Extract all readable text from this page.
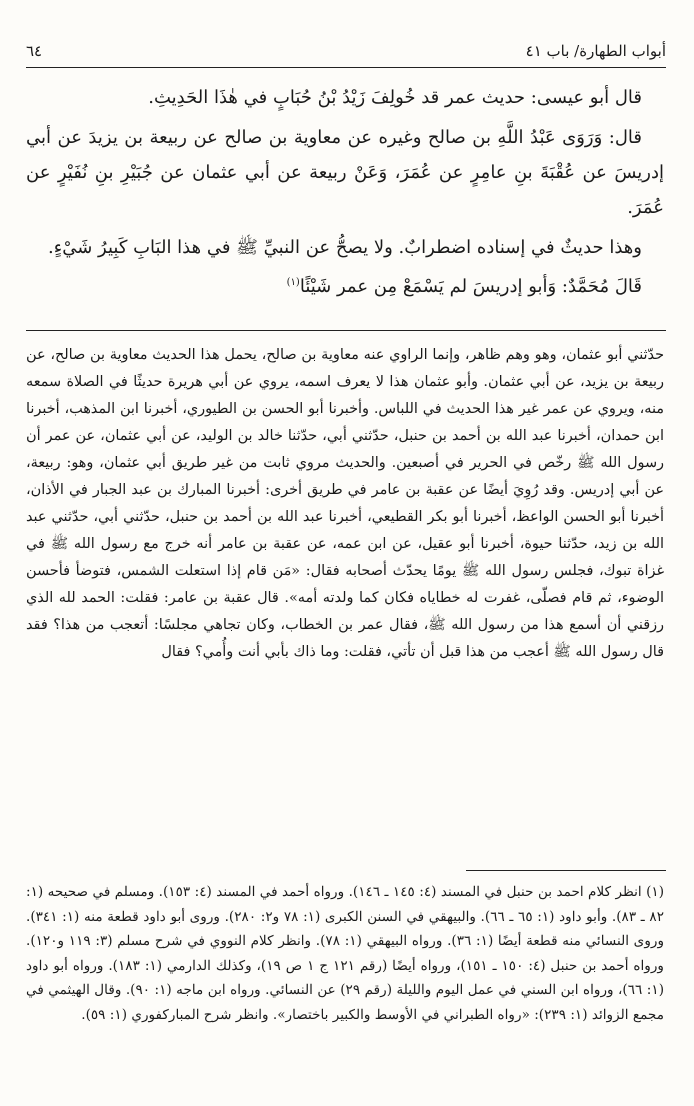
أبواب الطهارة/ باب ٤١
٦٤

قال أبو عيسى: حديث عمر قد خُولِفَ زَيْدُ بْنُ حُبَابٍ في هٰذَا الحَدِيثِ.

قال: وَرَوَى عَبْدُ اللَّهِ بن صالح وغيره عن معاوية بن صالح عن ربيعة بن يزيدَ عن أبي إدريسَ عن عُقْبَةَ بنِ عامِرٍ عن عُمَرَ، وَعَنْ ربيعة عن أبي عثمان عن جُبَيْرِ بنِ نُفَيْرٍ عن عُمَرَ.

وهذا حديثٌ في إسناده اضطرابٌ. ولا يصحُّ عن النبيِّ ﷺ في هذا البَابِ كَبِيرُ شَيْءٍ.

قَالَ مُحَمَّدٌ: وَأبو إدريسَ لم يَسْمَعْ مِن عمر شَيْئًا$^{(١)}$

حدّثني أبو عثمان، وهو وهم ظاهر، وإنما الراوي عنه معاوية بن صالح، يحمل هذا الحديث معاوية بن صالح، عن ربيعة بن يزيد، عن أبي عثمان. وأبو عثمان هذا لا يعرف اسمه، يروي عن أبي هريرة حديثًا في الصلاة سمعه منه، ويروي عن عمر غير هذا الحديث في اللباس. وأخبرنا أبو الحسن بن الطيوري، أخبرنا ابن المذهب، أخبرنا ابن حمدان، أخبرنا عبد الله بن أحمد بن حنبل، حدّثني أبي، حدّثنا خالد بن الوليد، عن أبي عثمان، عن عمر أن رسول الله ﷺ رخّص في الحرير في أصبعين. والحديث مروي ثابت من غير طريق أبي عثمان، وهو: ربيعة، عن أبي إدريس. وقد رُوِيَ أيضًا عن عقبة بن عامر في طريق أخرى: أخبرنا المبارك بن عبد الجبار في الأذان، أخبرنا أبو الحسن الواعظ، أخبرنا أبو بكر القطيعي، أخبرنا عبد الله بن أحمد بن حنبل، حدّثني أبي، حدّثني عبد الله بن زيد، حدّثنا حيوة، أخبرنا أبو عقيل، عن ابن عمه، عن عقبة بن عامر أنه خرج مع رسول الله ﷺ في غزاة تبوك، فجلس رسول الله ﷺ يومًا يحدّث أصحابه فقال: «مَن قام إذا استعلت الشمس، فتوضأ فأحسن الوضوء، ثم قام فصلّى، غفرت له خطاياه فكان كما ولدته أمه». قال عقبة بن عامر: فقلت: الحمد لله الذي رزقني أن أسمع هذا من رسول الله ﷺ، فقال عمر بن الخطاب، وكان تجاهي مجلسًا: أتعجب من هذا؟ فقد قال رسول الله ﷺ أعجب من هذا قبل أن تأتي، فقلت: وما ذاك بأبي أنت وأُمي؟ فقال

(١) انظر كلام احمد بن حنبل في المسند (٤: ١٤٥ ـ ١٤٦). ورواه أحمد في المسند (٤: ١٥٣). ومسلم في صحيحه (١: ٨٢ ـ ٨٣). وأبو داود (١: ٦٥ ـ ٦٦). والبيهقي في السنن الكبرى (١: ٧٨ و٢: ٢٨٠). وروى أبو داود قطعة منه (١: ٣٤١). وروى النسائي منه قطعة أيضًا (١: ٣٦). ورواه البيهقي (١: ٧٨). وانظر كلام النووي في شرح مسلم (٣: ١١٩ و١٢٠). ورواه أحمد بن حنبل (٤: ١٥٠ ـ ١٥١)، ورواه أيضًا (رقم ١٢١ ج ١ ص ١٩)، وكذلك الدارمي (١: ١٨٣). ورواه أبو داود (١: ٦٦)، ورواه ابن السني في عمل اليوم والليلة (رقم ٢٩) عن النسائي. ورواه ابن ماجه (١: ٩٠). وقال الهيثمي في مجمع الزوائد (١: ٢٣٩): «رواه الطبراني في الأوسط والكبير باختصار». وانظر شرح المباركفوري (١: ٥٩).
